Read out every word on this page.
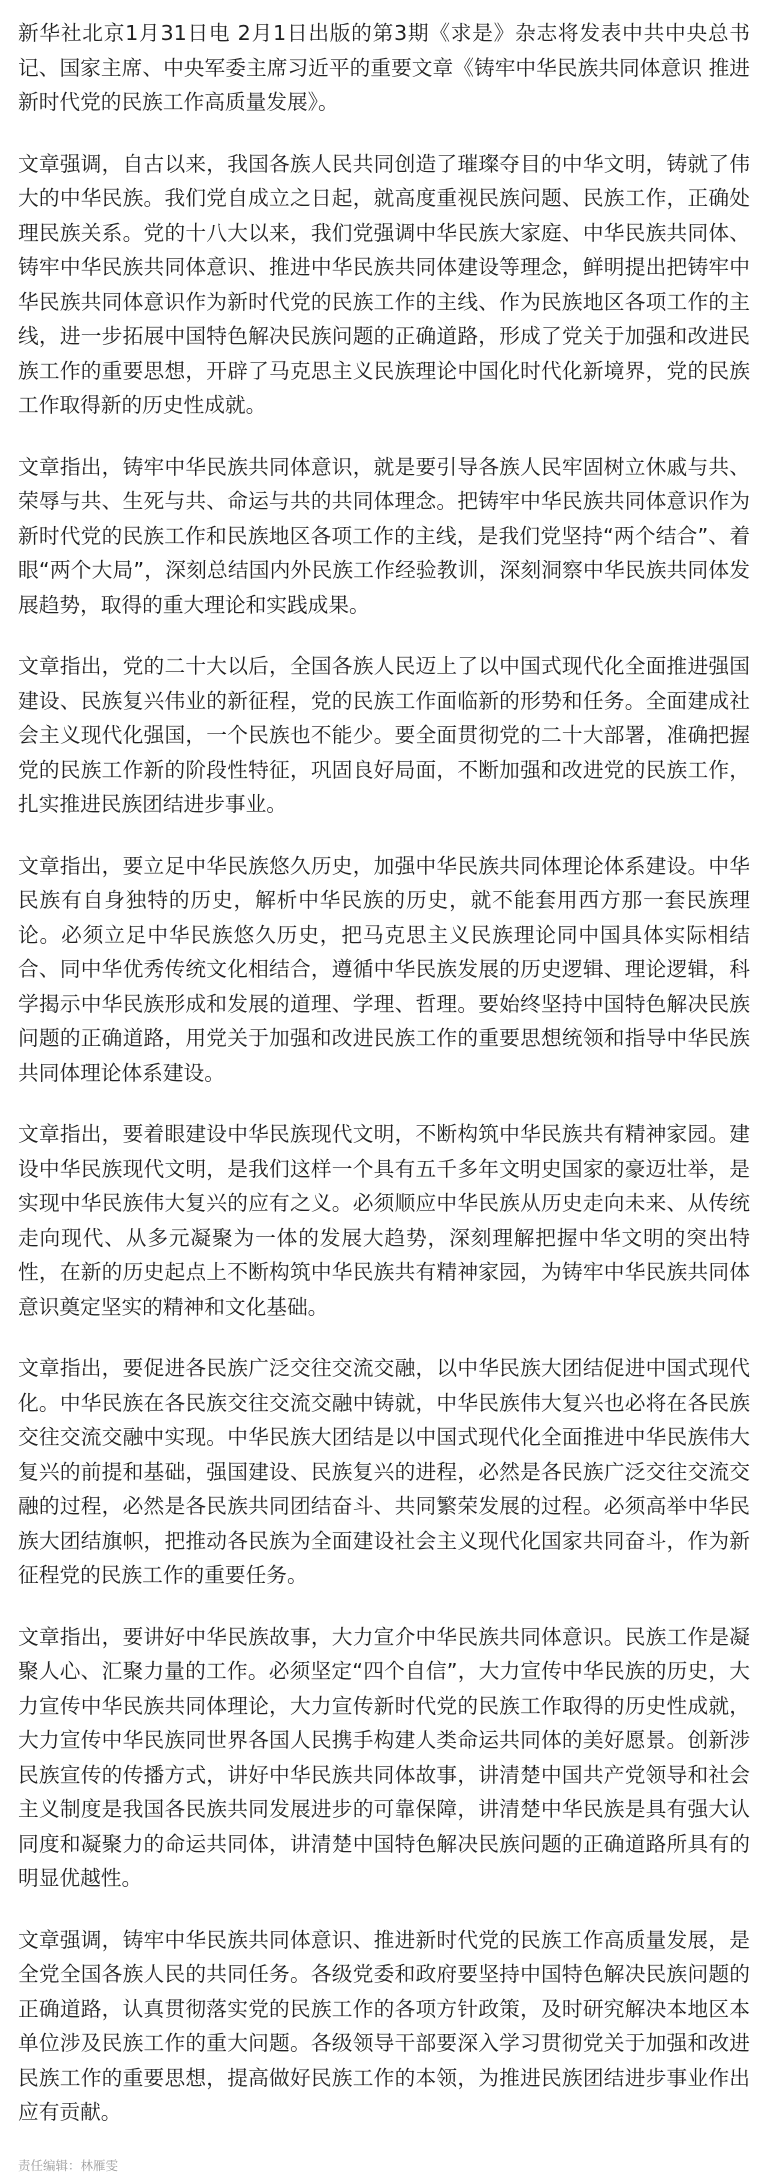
新华社北京1月31日电 2月1日出版的第3期《求是》杂志将发表中共中央总书记、国家主席、中央军委主席习近平的重要文章《铸牢中华民族共同体意识 推进新时代党的民族工作高质量发展》。

文章强调，自古以来，我国各族人民共同创造了璀璨夺目的中华文明，铸就了伟大的中华民族。我们党自成立之日起，就高度重视民族问题、民族工作，正确处理民族关系。党的十八大以来，我们党强调中华民族大家庭、中华民族共同体、铸牢中华民族共同体意识、推进中华民族共同体建设等理念，鲜明提出把铸牢中华民族共同体意识作为新时代党的民族工作的主线、作为民族地区各项工作的主线，进一步拓展中国特色解决民族问题的正确道路，形成了党关于加强和改进民族工作的重要思想，开辟了马克思主义民族理论中国化时代化新境界，党的民族工作取得新的历史性成就。

文章指出，铸牢中华民族共同体意识，就是要引导各族人民牢固树立休戚与共、荣辱与共、生死与共、命运与共的共同体理念。把铸牢中华民族共同体意识作为新时代党的民族工作和民族地区各项工作的主线，是我们党坚持“两个结合”、着眼“两个大局”，深刻总结国内外民族工作经验教训，深刻洞察中华民族共同体发展趋势，取得的重大理论和实践成果。

文章指出，党的二十大以后，全国各族人民迈上了以中国式现代化全面推进强国建设、民族复兴伟业的新征程，党的民族工作面临新的形势和任务。全面建成社会主义现代化强国，一个民族也不能少。要全面贯彻党的二十大部署，准确把握党的民族工作新的阶段性特征，巩固良好局面，不断加强和改进党的民族工作，扎实推进民族团结进步事业。

文章指出，要立足中华民族悠久历史，加强中华民族共同体理论体系建设。中华民族有自身独特的历史，解析中华民族的历史，就不能套用西方那一套民族理论。必须立足中华民族悠久历史，把马克思主义民族理论同中国具体实际相结合、同中华优秀传统文化相结合，遵循中华民族发展的历史逻辑、理论逻辑，科学揭示中华民族形成和发展的道理、学理、哲理。要始终坚持中国特色解决民族问题的正确道路，用党关于加强和改进民族工作的重要思想统领和指导中华民族共同体理论体系建设。

文章指出，要着眼建设中华民族现代文明，不断构筑中华民族共有精神家园。建设中华民族现代文明，是我们这样一个具有五千多年文明史国家的豪迈壮举，是实现中华民族伟大复兴的应有之义。必须顺应中华民族从历史走向未来、从传统走向现代、从多元凝聚为一体的发展大趋势，深刻理解把握中华文明的突出特性，在新的历史起点上不断构筑中华民族共有精神家园，为铸牢中华民族共同体意识奠定坚实的精神和文化基础。

文章指出，要促进各民族广泛交往交流交融，以中华民族大团结促进中国式现代化。中华民族在各民族交往交流交融中铸就，中华民族伟大复兴也必将在各民族交往交流交融中实现。中华民族大团结是以中国式现代化全面推进中华民族伟大复兴的前提和基础，强国建设、民族复兴的进程，必然是各民族广泛交往交流交融的过程，必然是各民族共同团结奋斗、共同繁荣发展的过程。必须高举中华民族大团结旗帜，把推动各民族为全面建设社会主义现代化国家共同奋斗，作为新征程党的民族工作的重要任务。

文章指出，要讲好中华民族故事，大力宣介中华民族共同体意识。民族工作是凝聚人心、汇聚力量的工作。必须坚定“四个自信”，大力宣传中华民族的历史，大力宣传中华民族共同体理论，大力宣传新时代党的民族工作取得的历史性成就，大力宣传中华民族同世界各国人民携手构建人类命运共同体的美好愿景。创新涉民族宣传的传播方式，讲好中华民族共同体故事，讲清楚中国共产党领导和社会主义制度是我国各民族共同发展进步的可靠保障，讲清楚中华民族是具有强大认同度和凝聚力的命运共同体，讲清楚中国特色解决民族问题的正确道路所具有的明显优越性。

文章强调，铸牢中华民族共同体意识、推进新时代党的民族工作高质量发展，是全党全国各族人民的共同任务。各级党委和政府要坚持中国特色解决民族问题的正确道路，认真贯彻落实党的民族工作的各项方针政策，及时研究解决本地区本单位涉及民族工作的重大问题。各级领导干部要深入学习贯彻党关于加强和改进民族工作的重要思想，提高做好民族工作的本领，为推进民族团结进步事业作出应有贡献。

责任编辑：林雁雯
